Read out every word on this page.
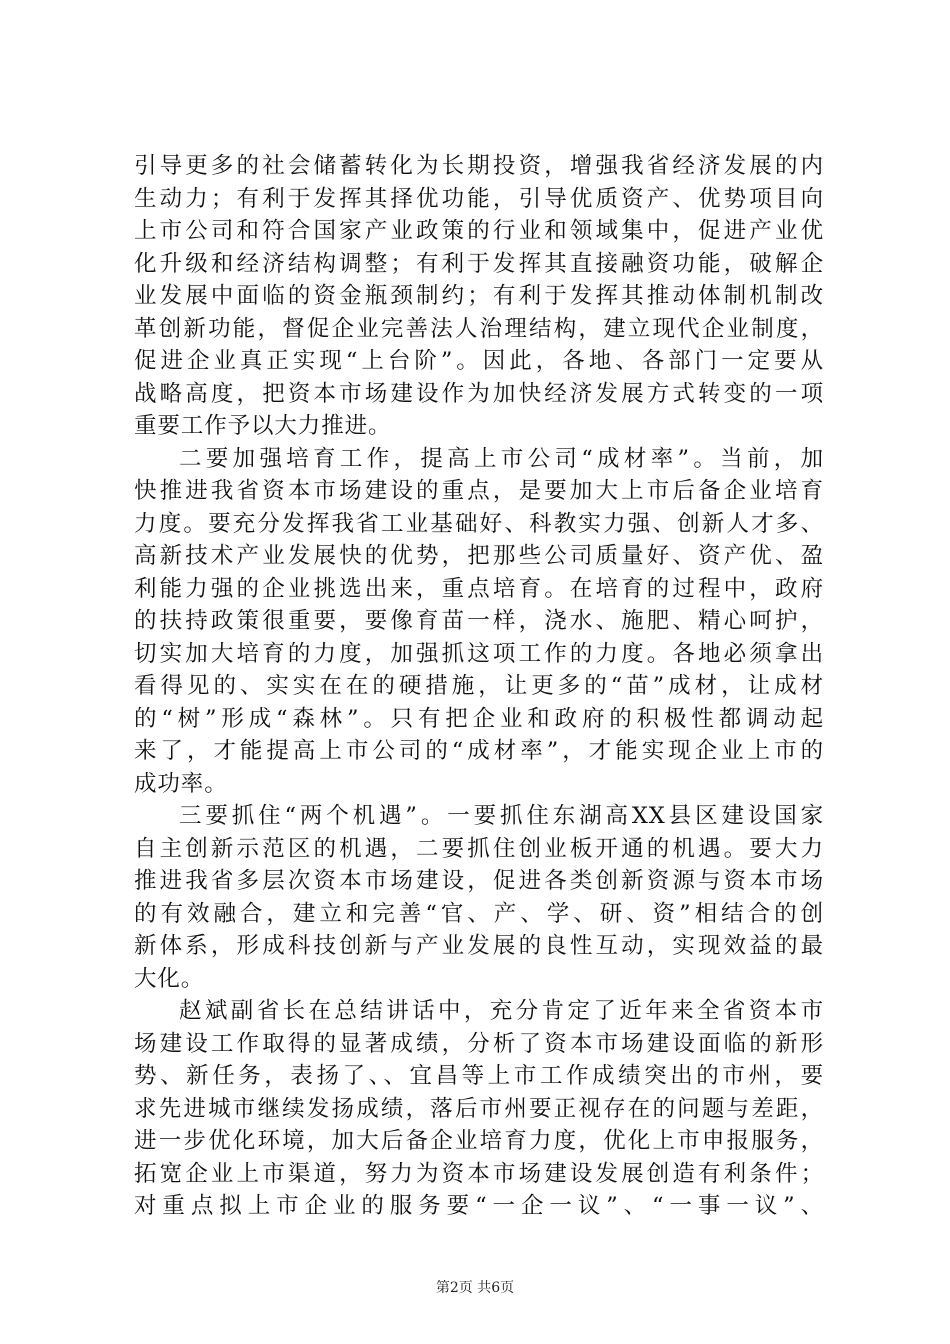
引导更多的社会储蓄转化为长期投资，增强我省经济发展的内
生动力；有利于发挥其择优功能，引导优质资产、优势项目向
上市公司和符合国家产业政策的行业和领域集中，促进产业优
化升级和经济结构调整；有利于发挥其直接融资功能，破解企
业发展中面临的资金瓶颈制约；有利于发挥其推动体制机制改
革创新功能，督促企业完善法人治理结构，建立现代企业制度，
促进企业真正实现“上台阶”。因此，各地、各部门一定要从
战略高度，把资本市场建设作为加快经济发展方式转变的一项
重要工作予以大力推进。
二要加强培育工作，提高上市公司“成材率”。当前，加
快推进我省资本市场建设的重点，是要加大上市后备企业培育
力度。要充分发挥我省工业基础好、科教实力强、创新人才多、
高新技术产业发展快的优势，把那些公司质量好、资产优、盈
利能力强的企业挑选出来，重点培育。在培育的过程中，政府
的扶持政策很重要，要像育苗一样，浇水、施肥、精心呵护，
切实加大培育的力度，加强抓这项工作的力度。各地必须拿出
看得见的、实实在在的硬措施，让更多的“苗”成材，让成材
的“树”形成“森林”。只有把企业和政府的积极性都调动起
来了，才能提高上市公司的“成材率”，才能实现企业上市的
成功率。
三要抓住“两个机遇”。一要抓住东湖高XX县区建设国家
自主创新示范区的机遇，二要抓住创业板开通的机遇。要大力
推进我省多层次资本市场建设，促进各类创新资源与资本市场
的有效融合，建立和完善“官、产、学、研、资”相结合的创
新体系，形成科技创新与产业发展的良性互动，实现效益的最
大化。
赵斌副省长在总结讲话中，充分肯定了近年来全省资本市
场建设工作取得的显著成绩，分析了资本市场建设面临的新形
势、新任务，表扬了、、宜昌等上市工作成绩突出的市州，要
求先进城市继续发扬成绩，落后市州要正视存在的问题与差距，
进一步优化环境，加大后备企业培育力度，优化上市申报服务，
拓宽企业上市渠道，努力为资本市场建设发展创造有利条件；
对重点拟上市企业的服务要“一企一议”、“一事一议”、
第2页 共6页
